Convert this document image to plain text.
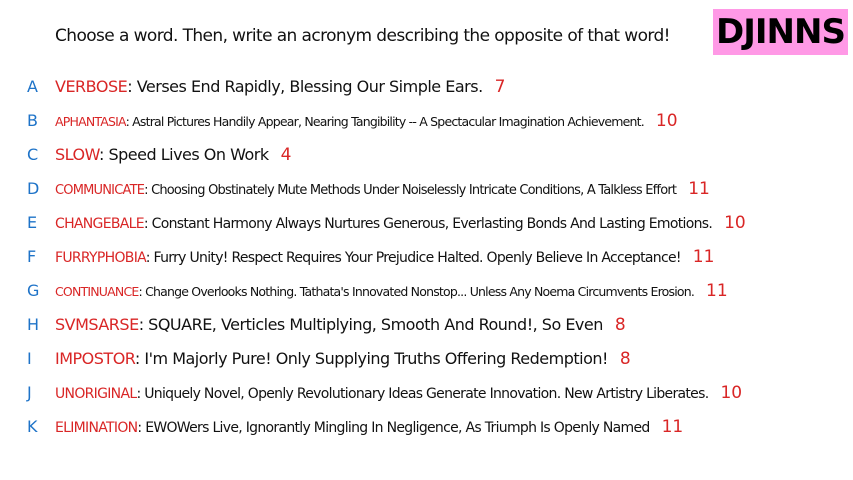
Choose a word. Then, write an acronym describing the opposite of that word! DJINNS
A VERBOSE: Verses End Rapidly, Blessing Our Simple Ears. 7
B APHANTASIA: Astral Pictures Handily Appear, Nearing Tangibility -- A Spectacular Imagination Achievement. 10
C SLOW: Speed Lives On Work 4
D COMMUNICATE: Choosing Obstinately Mute Methods Under Noiselessly Intricate Conditions, A Talkless Effort 11
E CHANGEBALE: Constant Harmony Always Nurtures Generous, Everlasting Bonds And Lasting Emotions. 10
F FURRYPHOBIA: Furry Unity! Respect Requires Your Prejudice Halted. Openly Believe In Acceptance! 11
G CONTINUANCE: Change Overlooks Nothing. Tathata's Innovated Nonstop... Unless Any Noema Circumvents Erosion. 11
H SVMSARSE: SQUARE, Verticles Multiplying, Smooth And Round!, So Even 8
I IMPOSTOR: I'm Majorly Pure! Only Supplying Truths Offering Redemption! 8
J UNORIGINAL: Uniquely Novel, Openly Revolutionary Ideas Generate Innovation. New Artistry Liberates. 10
K ELIMINATION: EWOWers Live, Ignorantly Mingling In Negligence, As Triumph Is Openly Named 11
